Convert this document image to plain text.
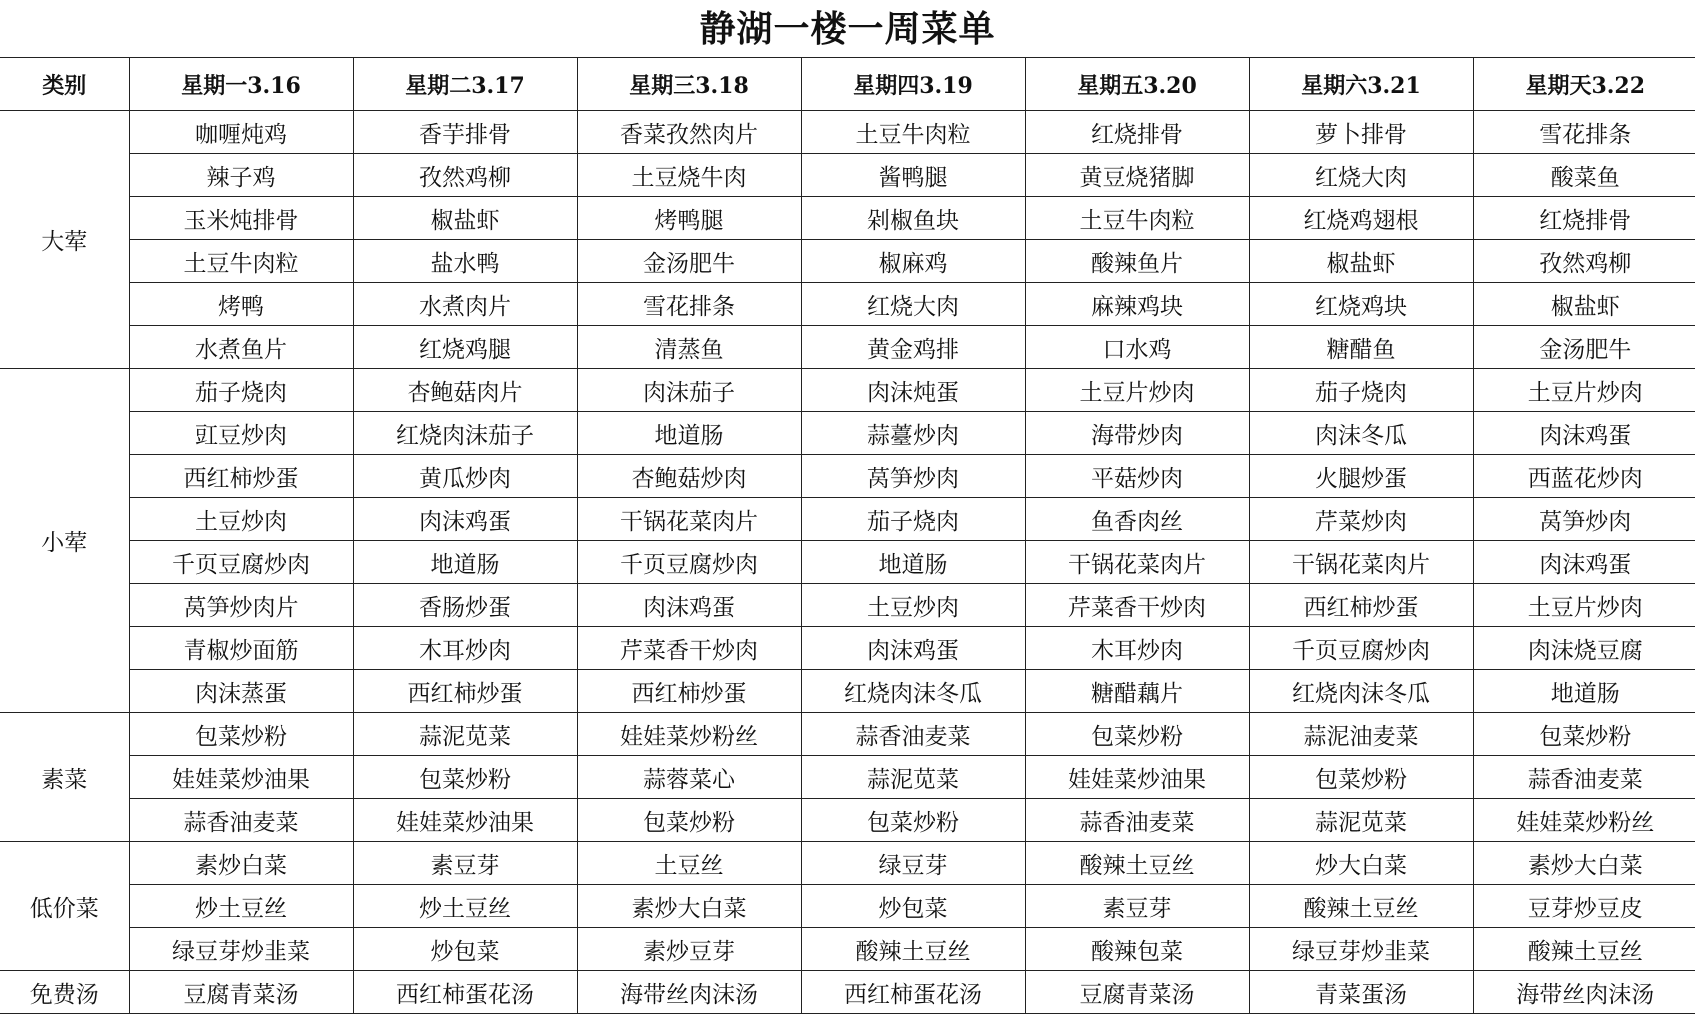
静湖一楼一周菜单
类别	星期一3.16	星期二3.17	星期三3.18	星期四3.19	星期五3.20	星期六3.21	星期天3.22
大荤	咖喱炖鸡	香芋排骨	香菜孜然肉片	土豆牛肉粒	红烧排骨	萝卜排骨	雪花排条
	辣子鸡	孜然鸡柳	土豆烧牛肉	酱鸭腿	黄豆烧猪脚	红烧大肉	酸菜鱼
	玉米炖排骨	椒盐虾	烤鸭腿	剁椒鱼块	土豆牛肉粒	红烧鸡翅根	红烧排骨
	土豆牛肉粒	盐水鸭	金汤肥牛	椒麻鸡	酸辣鱼片	椒盐虾	孜然鸡柳
	烤鸭	水煮肉片	雪花排条	红烧大肉	麻辣鸡块	红烧鸡块	椒盐虾
	水煮鱼片	红烧鸡腿	清蒸鱼	黄金鸡排	口水鸡	糖醋鱼	金汤肥牛
小荤	茄子烧肉	杏鲍菇肉片	肉沫茄子	肉沫炖蛋	土豆片炒肉	茄子烧肉	土豆片炒肉
	豇豆炒肉	红烧肉沫茄子	地道肠	蒜薹炒肉	海带炒肉	肉沫冬瓜	肉沫鸡蛋
	西红柿炒蛋	黄瓜炒肉	杏鲍菇炒肉	莴笋炒肉	平菇炒肉	火腿炒蛋	西蓝花炒肉
	土豆炒肉	肉沫鸡蛋	干锅花菜肉片	茄子烧肉	鱼香肉丝	芹菜炒肉	莴笋炒肉
	千页豆腐炒肉	地道肠	千页豆腐炒肉	地道肠	干锅花菜肉片	干锅花菜肉片	肉沫鸡蛋
	莴笋炒肉片	香肠炒蛋	肉沫鸡蛋	土豆炒肉	芹菜香干炒肉	西红柿炒蛋	土豆片炒肉
	青椒炒面筋	木耳炒肉	芹菜香干炒肉	肉沫鸡蛋	木耳炒肉	千页豆腐炒肉	肉沫烧豆腐
	肉沫蒸蛋	西红柿炒蛋	西红柿炒蛋	红烧肉沫冬瓜	糖醋藕片	红烧肉沫冬瓜	地道肠
素菜	包菜炒粉	蒜泥苋菜	娃娃菜炒粉丝	蒜香油麦菜	包菜炒粉	蒜泥油麦菜	包菜炒粉
	娃娃菜炒油果	包菜炒粉	蒜蓉菜心	蒜泥苋菜	娃娃菜炒油果	包菜炒粉	蒜香油麦菜
	蒜香油麦菜	娃娃菜炒油果	包菜炒粉	包菜炒粉	蒜香油麦菜	蒜泥苋菜	娃娃菜炒粉丝
低价菜	素炒白菜	素豆芽	土豆丝	绿豆芽	酸辣土豆丝	炒大白菜	素炒大白菜
	炒土豆丝	炒土豆丝	素炒大白菜	炒包菜	素豆芽	酸辣土豆丝	豆芽炒豆皮
	绿豆芽炒韭菜	炒包菜	素炒豆芽	酸辣土豆丝	酸辣包菜	绿豆芽炒韭菜	酸辣土豆丝
免费汤	豆腐青菜汤	西红柿蛋花汤	海带丝肉沫汤	西红柿蛋花汤	豆腐青菜汤	青菜蛋汤	海带丝肉沫汤
